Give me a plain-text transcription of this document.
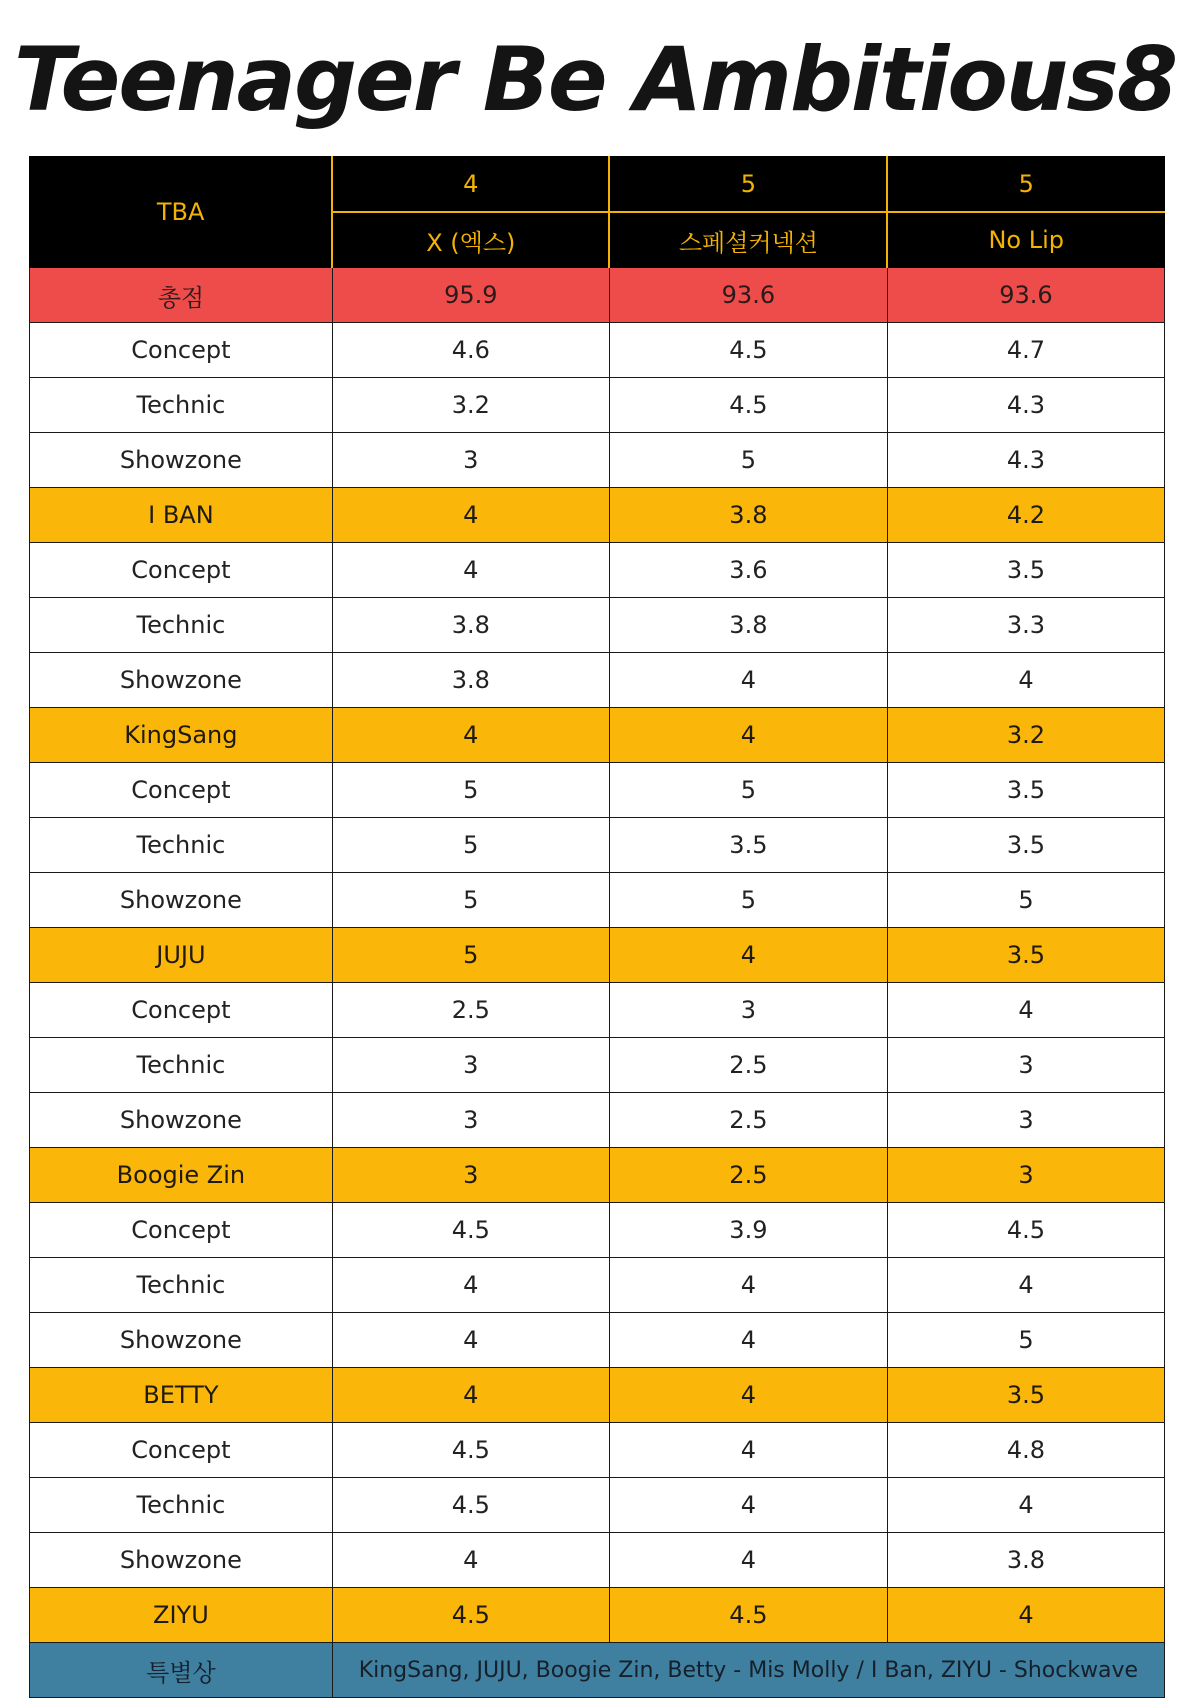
Teenager Be Ambitious8
TBA	4	5	5
	X (엑스)	스페셜커넥션	No Lip
총점	95.9	93.6	93.6
Concept	4.6	4.5	4.7
Technic	3.2	4.5	4.3
Showzone	3	5	4.3
I BAN	4	3.8	4.2
Concept	4	3.6	3.5
Technic	3.8	3.8	3.3
Showzone	3.8	4	4
KingSang	4	4	3.2
Concept	5	5	3.5
Technic	5	3.5	3.5
Showzone	5	5	5
JUJU	5	4	3.5
Concept	2.5	3	4
Technic	3	2.5	3
Showzone	3	2.5	3
Boogie Zin	3	2.5	3
Concept	4.5	3.9	4.5
Technic	4	4	4
Showzone	4	4	5
BETTY	4	4	3.5
Concept	4.5	4	4.8
Technic	4.5	4	4
Showzone	4	4	3.8
ZIYU	4.5	4.5	4
특별상	KingSang, JUJU, Boogie Zin, Betty - Mis Molly / I Ban, ZIYU - Shockwave		
